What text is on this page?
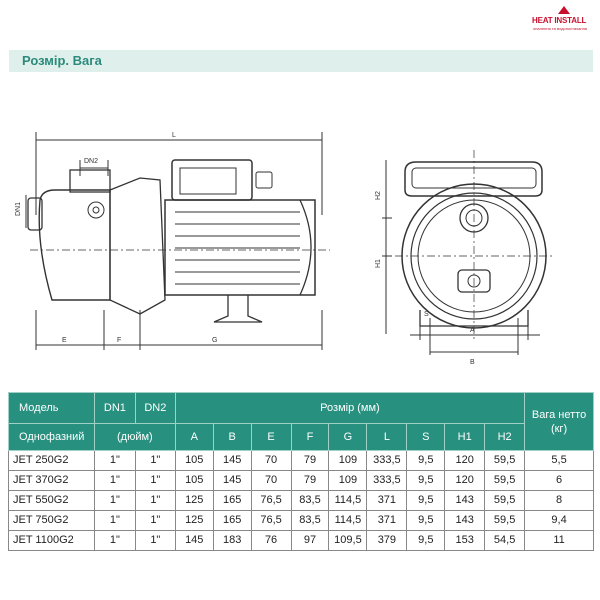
HEAT INSTALL
опалення та водопостачання
Розмір. Вага
L
DN2
DN1
E	F	G
H1
H2
A
B
S
Модель	DN1	DN2	Розмір (мм)									Вага нетто (кг)
Однофазний	(дюйм)		A	B	E	F	G	L	S	H1	H2	
JET 250G2	1"	1"	105	145	70	79	109	333,5	9,5	120	59,5	5,5
JET 370G2	1"	1"	105	145	70	79	109	333,5	9,5	120	59,5	6
JET 550G2	1"	1"	125	165	76,5	83,5	114,5	371	9,5	143	59,5	8
JET 750G2	1"	1"	125	165	76,5	83,5	114,5	371	9,5	143	59,5	9,4
JET 1100G2	1"	1"	145	183	76	97	109,5	379	9,5	153	54,5	11
